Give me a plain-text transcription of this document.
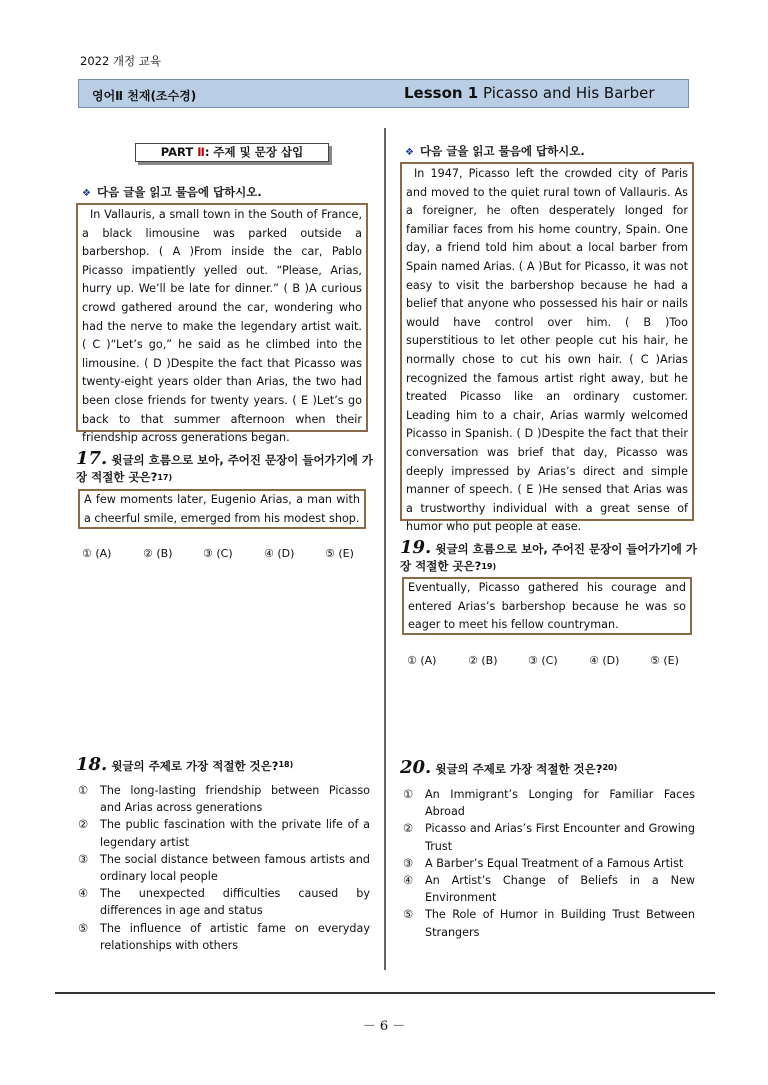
2022 개정 교육
영어Ⅱ 천재(조수경)	Lesson 1 Picasso and His Barber
PART Ⅱ: 주제 및 문장 삽입
❖ 다음 글을 읽고 물음에 답하시오.
In Vallauris, a small town in the South of France, a black limousine was parked outside a barbershop. ( A )From inside the car, Pablo Picasso impatiently yelled out. “Please, Arias, hurry up. We’ll be late for dinner.” ( B )A curious crowd gathered around the car, wondering who had the nerve to make the legendary artist wait. ( C )“Let’s go,” he said as he climbed into the limousine. ( D )Despite the fact that Picasso was twenty-eight years older than Arias, the two had been close friends for twenty years. ( E )Let’s go back to that summer afternoon when their friendship across generations began.
17. 윗글의 흐름으로 보아, 주어진 문장이 들어가기에 가장 적절한 곳은?$^{17)}$
A few moments later, Eugenio Arias, a man with a cheerful smile, emerged from his modest shop.
① (A)	② (B)	③ (C)	④ (D)	⑤ (E)
18. 윗글의 주제로 가장 적절한 것은?$^{18)}$
①	The long-lasting friendship between Picasso and Arias across generations
②	The public fascination with the private life of a legendary artist
③	The social distance between famous artists and ordinary local people
④	The unexpected difficulties caused by differences in age and status
⑤	The influence of artistic fame on everyday relationships with others
❖ 다음 글을 읽고 물음에 답하시오.
In 1947, Picasso left the crowded city of Paris and moved to the quiet rural town of Vallauris. As a foreigner, he often desperately longed for familiar faces from his home country, Spain. One day, a friend told him about a local barber from Spain named Arias. ( A )But for Picasso, it was not easy to visit the barbershop because he had a belief that anyone who possessed his hair or nails would have control over him. ( B )Too superstitious to let other people cut his hair, he normally chose to cut his own hair. ( C )Arias recognized the famous artist right away, but he treated Picasso like an ordinary customer. Leading him to a chair, Arias warmly welcomed Picasso in Spanish. ( D )Despite the fact that their conversation was brief that day, Picasso was deeply impressed by Arias’s direct and simple manner of speech. ( E )He sensed that Arias was a trustworthy individual with a great sense of humor who put people at ease.
19. 윗글의 흐름으로 보아, 주어진 문장이 들어가기에 가장 적절한 곳은?$^{19)}$
Eventually, Picasso gathered his courage and entered Arias’s barbershop because he was so eager to meet his fellow countryman.
① (A)	② (B)	③ (C)	④ (D)	⑤ (E)
20. 윗글의 주제로 가장 적절한 것은?$^{20)}$
①	An Immigrant’s Longing for Familiar Faces Abroad
②	Picasso and Arias’s First Encounter and Growing Trust
③	A Barber’s Equal Treatment of a Famous Artist
④	An Artist’s Change of Beliefs in a New Environment
⑤	The Role of Humor in Building Trust Between Strangers
－ 6 －
